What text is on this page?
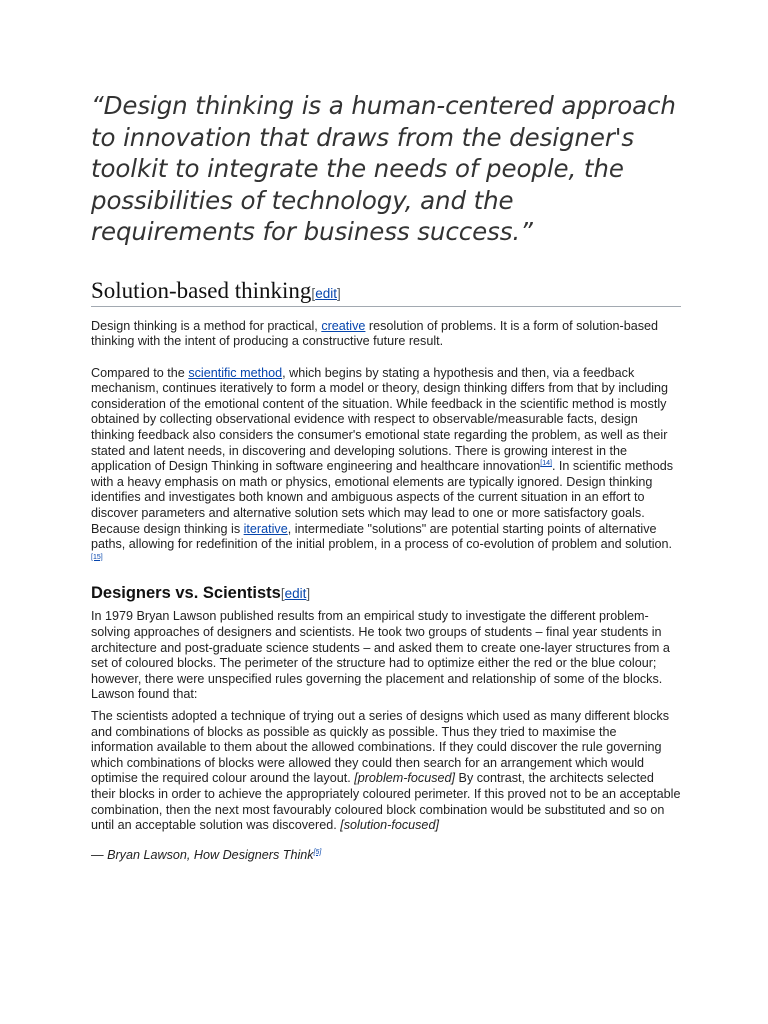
“Design thinking is a human-centered approach to innovation that draws from the designer's toolkit to integrate the needs of people, the possibilities of technology, and the requirements for business success.”

Solution-based thinking [edit]

Design thinking is a method for practical, creative resolution of problems. It is a form of solution-based thinking with the intent of producing a constructive future result.

Compared to the scientific method, which begins by stating a hypothesis and then, via a feedback mechanism, continues iteratively to form a model or theory, design thinking differs from that by including consideration of the emotional content of the situation. While feedback in the scientific method is mostly obtained by collecting observational evidence with respect to observable/measurable facts, design thinking feedback also considers the consumer's emotional state regarding the problem, as well as their stated and latent needs, in discovering and developing solutions. There is growing interest in the application of Design Thinking in software engineering and healthcare innovation[14]. In scientific methods with a heavy emphasis on math or physics, emotional elements are typically ignored. Design thinking identifies and investigates both known and ambiguous aspects of the current situation in an effort to discover parameters and alternative solution sets which may lead to one or more satisfactory goals. Because design thinking is iterative, intermediate "solutions" are potential starting points of alternative paths, allowing for redefinition of the initial problem, in a process of co-evolution of problem and solution.[15]

Designers vs. Scientists [edit]

In 1979 Bryan Lawson published results from an empirical study to investigate the different problem-solving approaches of designers and scientists. He took two groups of students – final year students in architecture and post-graduate science students – and asked them to create one-layer structures from a set of coloured blocks. The perimeter of the structure had to optimize either the red or the blue colour; however, there were unspecified rules governing the placement and relationship of some of the blocks. Lawson found that:

The scientists adopted a technique of trying out a series of designs which used as many different blocks and combinations of blocks as possible as quickly as possible. Thus they tried to maximise the information available to them about the allowed combinations. If they could discover the rule governing which combinations of blocks were allowed they could then search for an arrangement which would optimise the required colour around the layout. [problem-focused] By contrast, the architects selected their blocks in order to achieve the appropriately coloured perimeter. If this proved not to be an acceptable combination, then the next most favourably coloured block combination would be substituted and so on until an acceptable solution was discovered. [solution-focused]

— Bryan Lawson, How Designers Think[5]
